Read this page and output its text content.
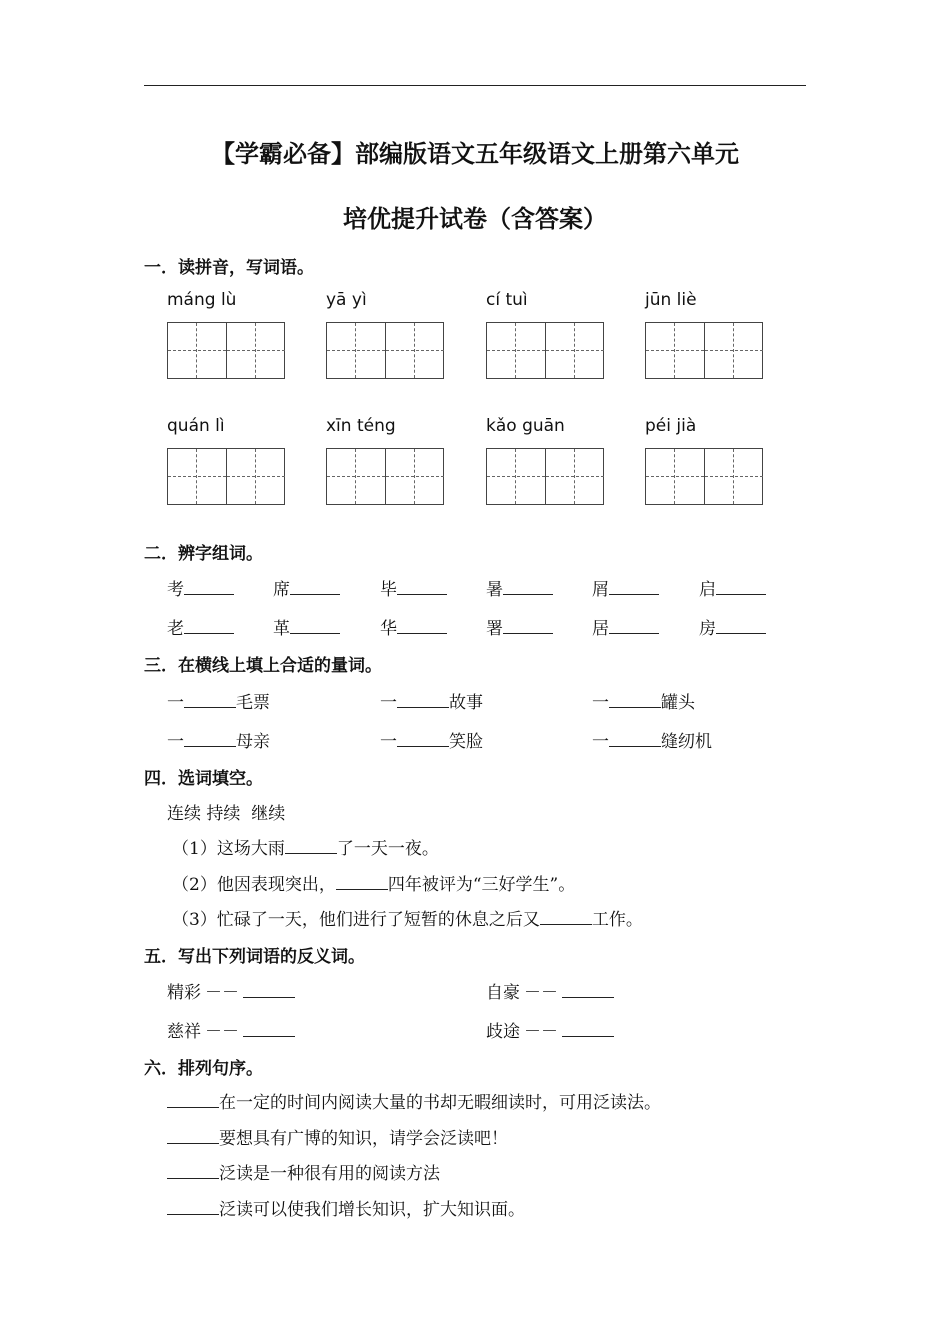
【学霸必备】部编版语文五年级语文上册第六单元
培优提升试卷（含答案）
一．读拼音，写词语。
máng lù	yā yì	cí tuì	jūn liè
quán lì	xīn téng	kǎo guān	péi jià
二．辨字组词。
考	席	毕	暑	屑	启
老	革	华	署	居	房
三．在横线上填上合适的量词。
一	毛票	一	故事	一	罐头
一	母亲	一	笑脸	一	缝纫机
四．选词填空。
连续 持续  继续
（1）这场大雨	了一天一夜。
（2）他因表现突出，	四年被评为“三好学生”。
（3）忙碌了一天，他们进行了短暂的休息之后又	工作。
五．写出下列词语的反义词。
精彩 －－	自豪 －－
慈祥 －－	歧途 －－
六．排列句序。
在一定的时间内阅读大量的书却无暇细读时，可用泛读法。
要想具有广博的知识，请学会泛读吧！
泛读是一种很有用的阅读方法
泛读可以使我们增长知识，扩大知识面。
